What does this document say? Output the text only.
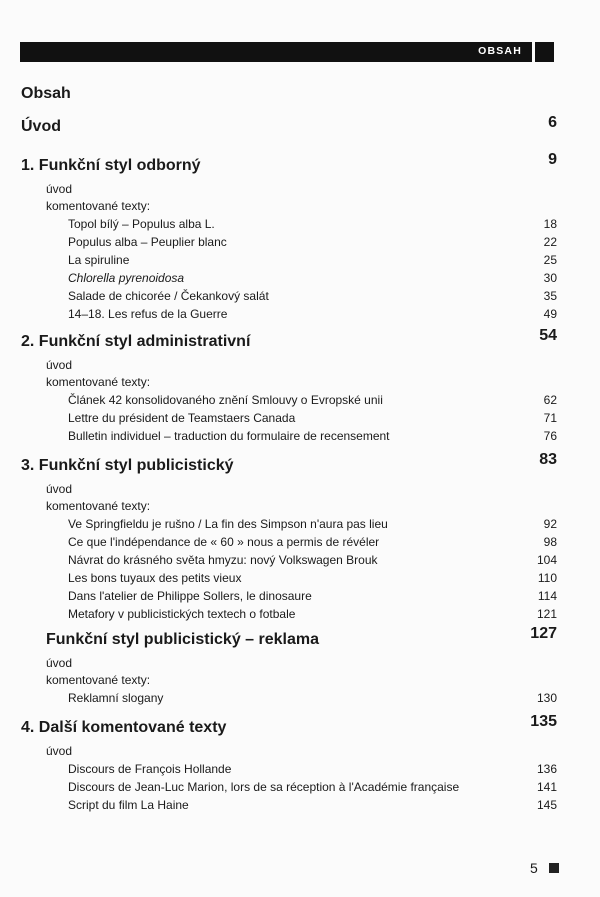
OBSAH
Obsah
Úvod	6
1. Funkční styl odborný	9
úvod
komentované texty:
Topol bílý – Populus alba L.	18
Populus alba – Peuplier blanc	22
La spiruline	25
Chlorella pyrenoidosa	30
Salade de chicorée / Čekankový salát	35
14–18. Les refus de la Guerre	49
2. Funkční styl administrativní	54
úvod
komentované texty:
Článek 42 konsolidovaného znění Smlouvy o Evropské unii	62
Lettre du président de Teamstaers Canada	71
Bulletin individuel – traduction du formulaire de recensement	76
3. Funkční styl publicistický	83
úvod
komentované texty:
Ve Springfieldu je rušno / La fin des Simpson n'aura pas lieu	92
Ce que l'indépendance de « 60 » nous a permis de révéler	98
Návrat do krásného světa hmyzu: nový Volkswagen Brouk	104
Les bons tuyaux des petits vieux	110
Dans l'atelier de Philippe Sollers, le dinosaure	114
Metafory v publicistických textech o fotbale	121
Funkční styl publicistický – reklama	127
úvod
komentované texty:
Reklamní slogany	130
4. Další komentované texty	135
úvod
Discours de François Hollande	136
Discours de Jean-Luc Marion, lors de sa réception à l'Académie française	141
Script du film La Haine	145
5
